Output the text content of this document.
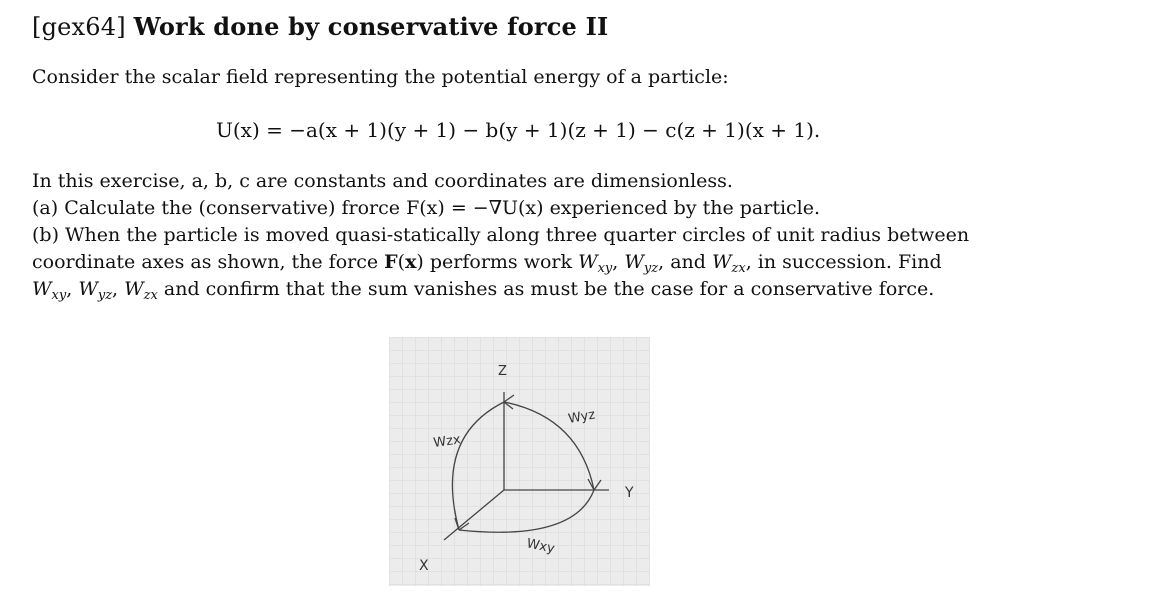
[gex64] Work done by conservative force II
Consider the scalar field representing the potential energy of a particle:
U(x) = −a(x + 1)(y + 1) − b(y + 1)(z + 1) − c(z + 1)(x + 1).
In this exercise, a, b, c are constants and coordinates are dimensionless.
(a) Calculate the (conservative) frorce F(x) = −∇U(x) experienced by the particle.
(b) When the particle is moved quasi-statically along three quarter circles of unit radius between
coordinate axes as shown, the force F(x) performs work $W_{xy}$, $W_{yz}$, and $W_{zx}$, in succession. Find
$W_{xy}$, $W_{yz}$, $W_{zx}$ and confirm that the sum vanishes as must be the case for a conservative force.
Z
Y
X
Wyz
Wzx
Wxy
